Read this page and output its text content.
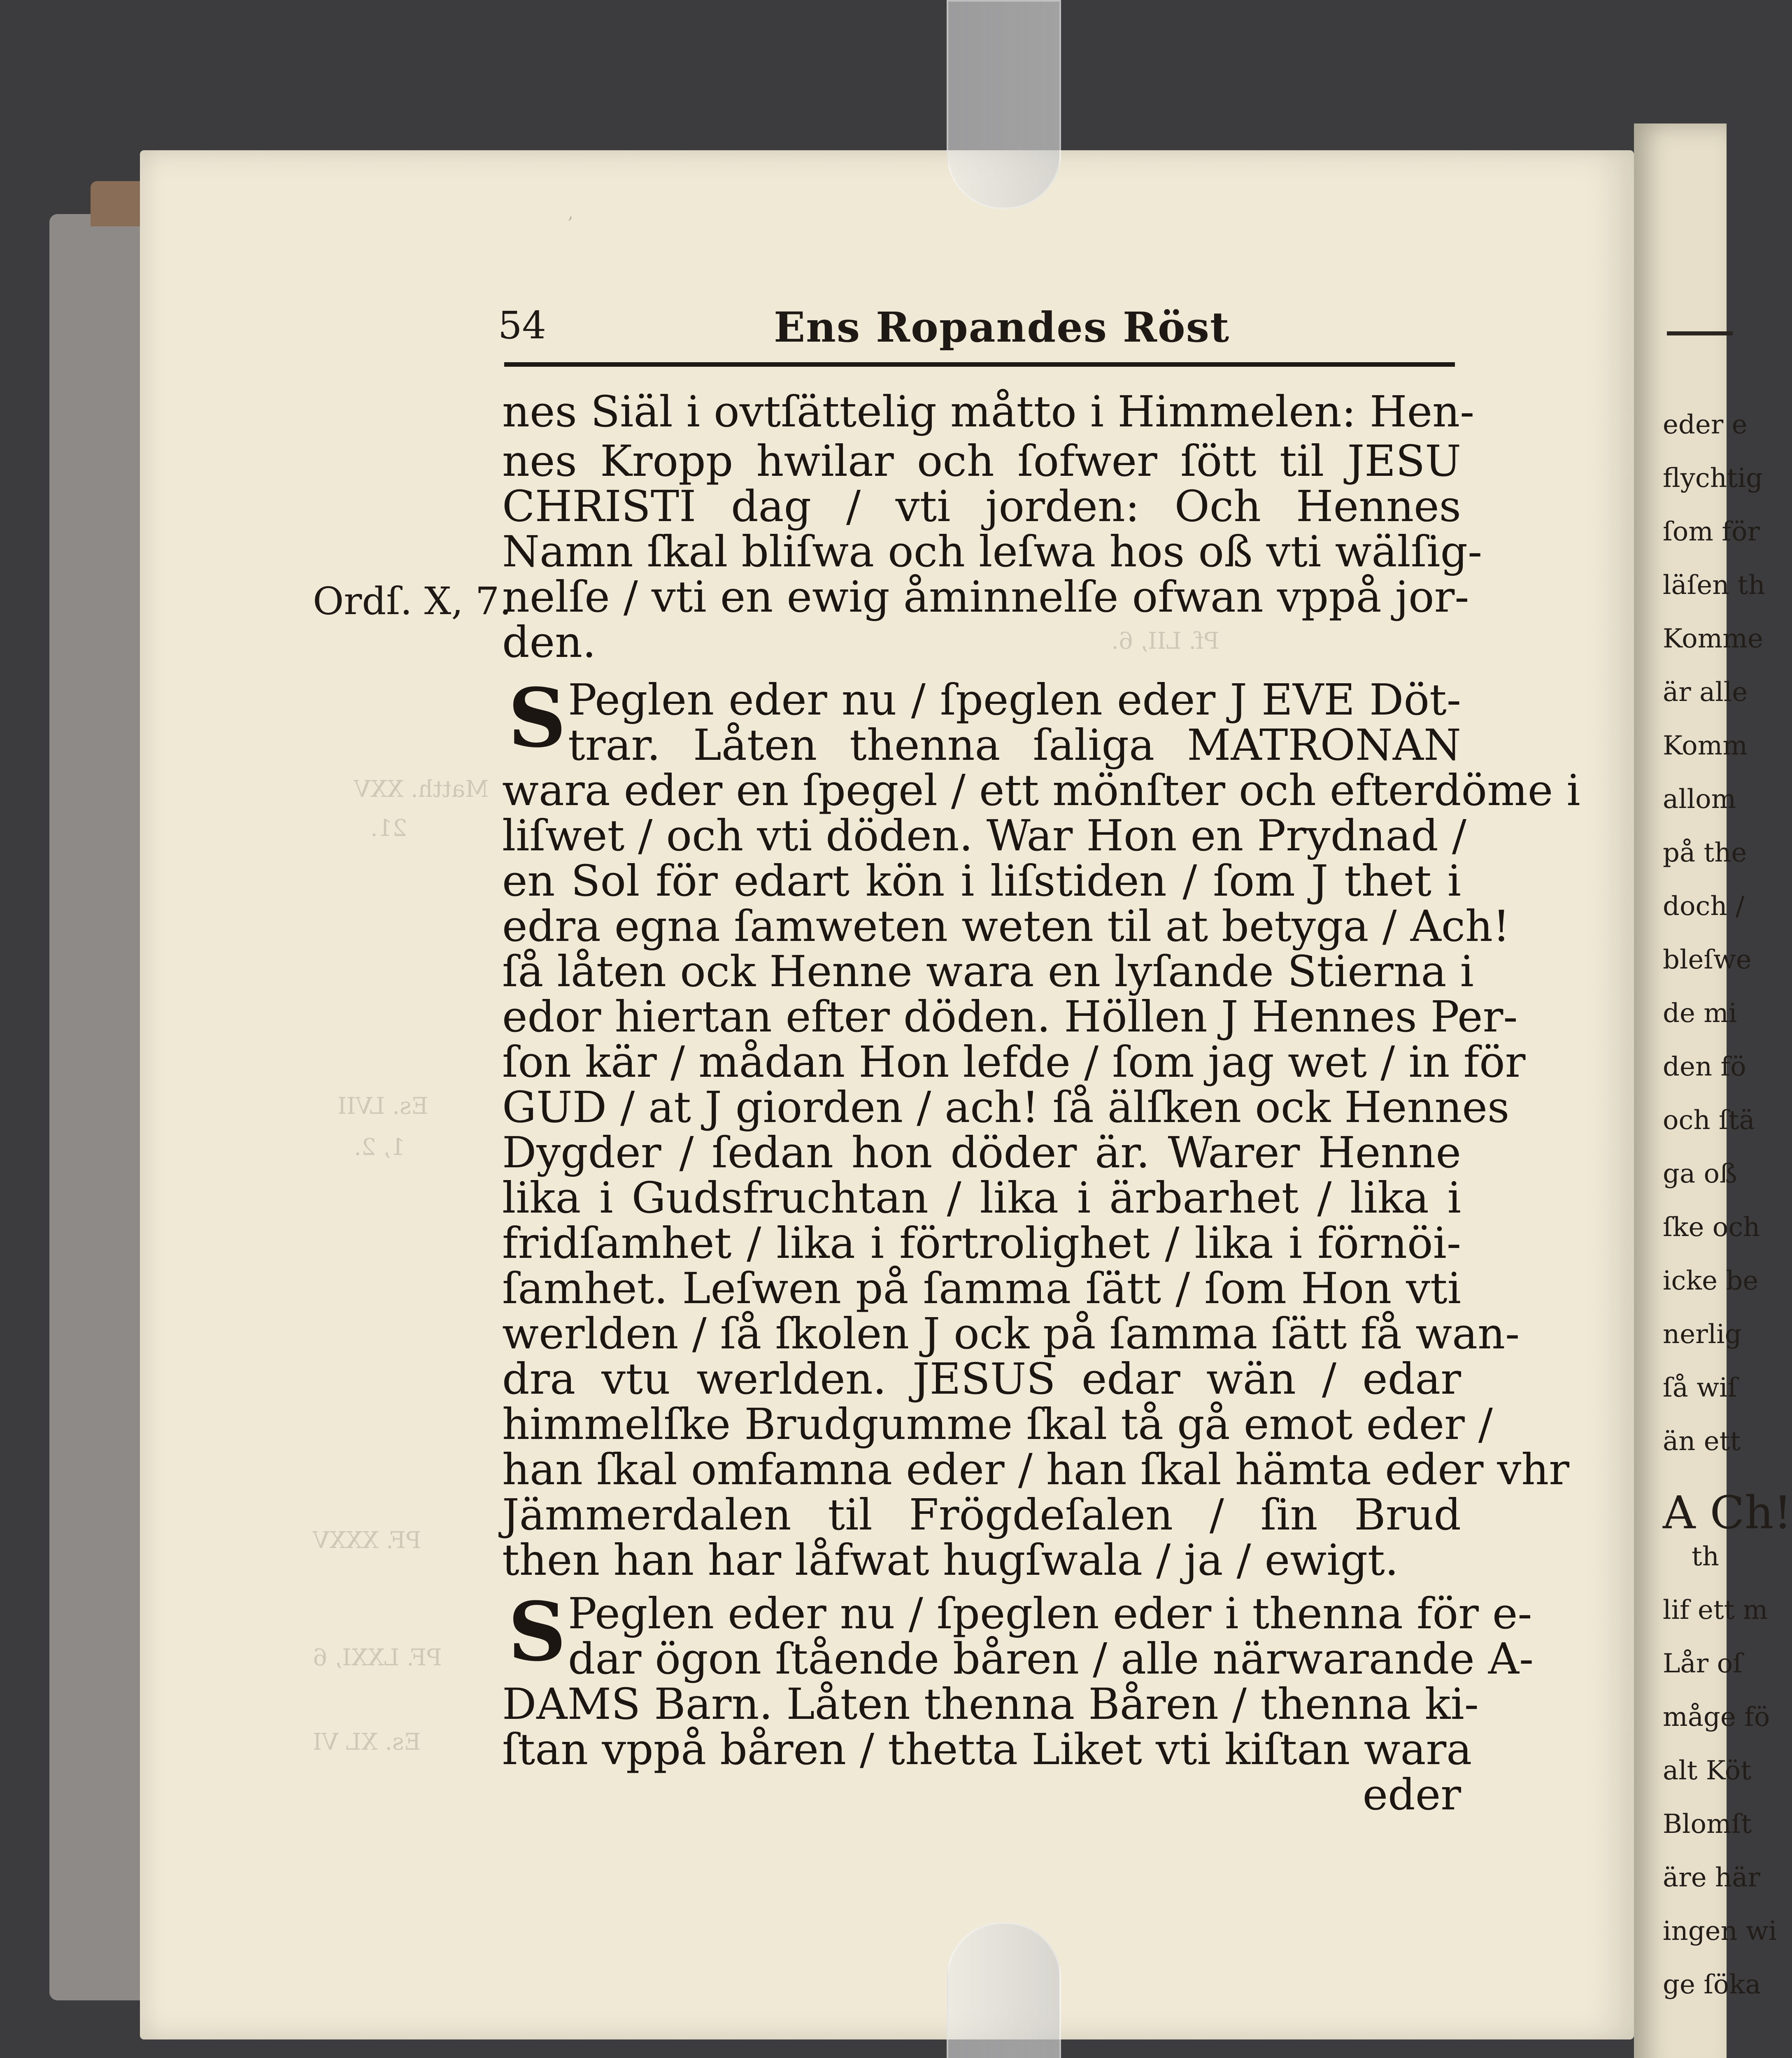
eder e
flychtig
ſom för
läſen th
Komme
är alle
Komm
allom
på the
doch /
bleſwe
de mi
den fö
och ſtä
ga oß
ſke och
icke be
nerlig
ſå wiſ
än ett
A Ch!
th
lif ett m
Lår oſ
måge fö
alt Köt
Blomſt
äre här
ingen wi
ge ſöka
,
Pf. LII, 6.
Matth. XXV
21.
Es. LVII
1, 2.
PF. XXXV
PF. LXXI, 6
Es. XL VI
54	Ens Ropandes Röst
Ordſ. X, 7.
nes Siäl i ovtſättelig måtto i Himmelen: Hen-
nes Kropp hwilar och ſofwer ſött til JESU
CHRISTI dag / vti jorden: Och Hennes
Namn ſkal bliſwa och leſwa hos oß vti wälſig-
nelſe / vti en ewig åminnelſe ofwan vppå jor-
den.
S Peglen eder nu / ſpeglen eder J EVE Döt-
trar. Låten thenna ſaliga MATRONAN
wara eder en ſpegel / ett mönſter och efterdöme i
liſwet / och vti döden. War Hon en Prydnad /
en Sol för edart kön i liſstiden / ſom J thet i
edra egna ſamweten weten til at betyga / Ach!
ſå låten ock Henne wara en lyſande Stierna i
edor hiertan efter döden. Höllen J Hennes Per-
ſon kär / mådan Hon lefde / ſom jag wet / in för
GUD / at J giorden / ach! ſå älſken ock Hennes
Dygder / ſedan hon döder är. Warer Henne
lika i Gudsfruchtan / lika i ärbarhet / lika i
fridſamhet / lika i förtrolighet / lika i förnöi-
ſamhet. Leſwen på ſamma ſätt / ſom Hon vti
werlden / ſå ſkolen J ock på ſamma ſätt få wan-
dra vtu werlden. JESUS edar wän / edar
himmelſke Brudgumme ſkal tå gå emot eder /
han ſkal omfamna eder / han ſkal hämta eder vhr
Jämmerdalen til Frögdeſalen / ſin Brud
then han har låfwat hugſwala / ja / ewigt.
S Peglen eder nu / ſpeglen eder i thenna för e-
dar ögon ſtående båren / alle närwarande A-
DAMS Barn. Låten thenna Båren / thenna ki-
ſtan vppå båren / thetta Liket vti kiſtan wara
eder
